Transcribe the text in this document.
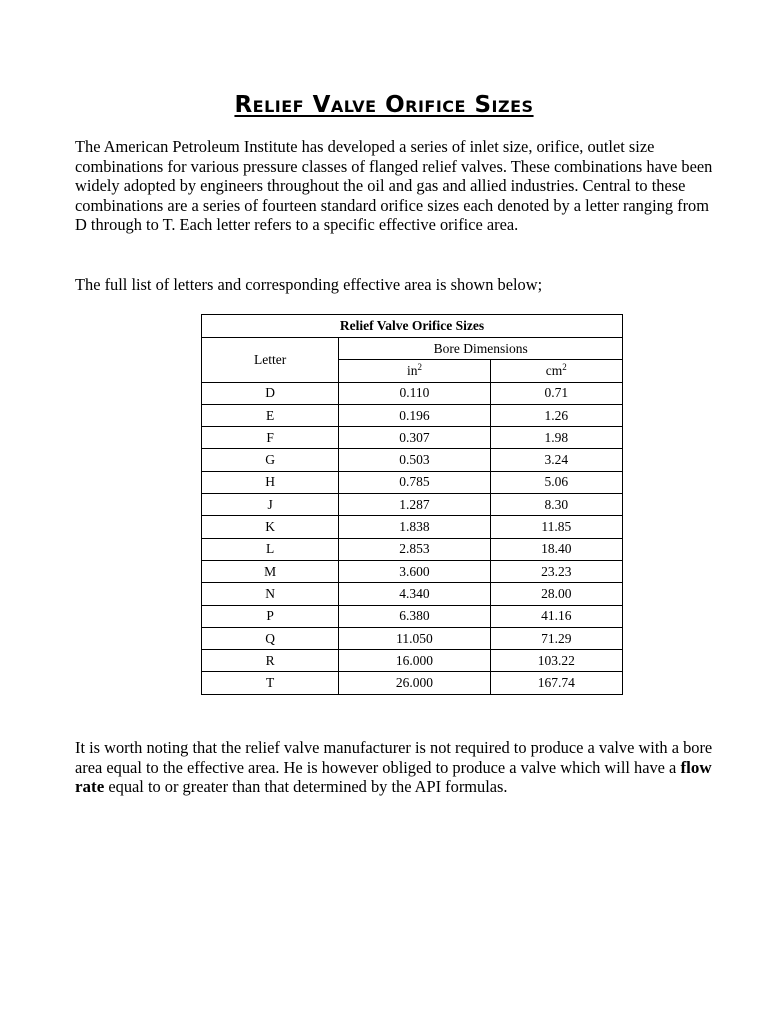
Relief Valve Orifice Sizes

The American Petroleum Institute has developed a series of inlet size, orifice, outlet size combinations for various pressure classes of flanged relief valves. These combinations have been widely adopted by engineers throughout the oil and gas and allied industries. Central to these combinations are a series of fourteen standard orifice sizes each denoted by a letter ranging from D through to T. Each letter refers to a specific effective orifice area.

The full list of letters and corresponding effective area is shown below;

Relief Valve Orifice Sizes		
Letter	Bore Dimensions	
	$in^2$	$cm^2$
D	0.110	0.71
E	0.196	1.26
F	0.307	1.98
G	0.503	3.24
H	0.785	5.06
J	1.287	8.30
K	1.838	11.85
L	2.853	18.40
M	3.600	23.23
N	4.340	28.00
P	6.380	41.16
Q	11.050	71.29
R	16.000	103.22
T	26.000	167.74

It is worth noting that the relief valve manufacturer is not required to produce a valve with a bore area equal to the effective area. He is however obliged to produce a valve which will have a flow rate equal to or greater than that determined by the API formulas.
